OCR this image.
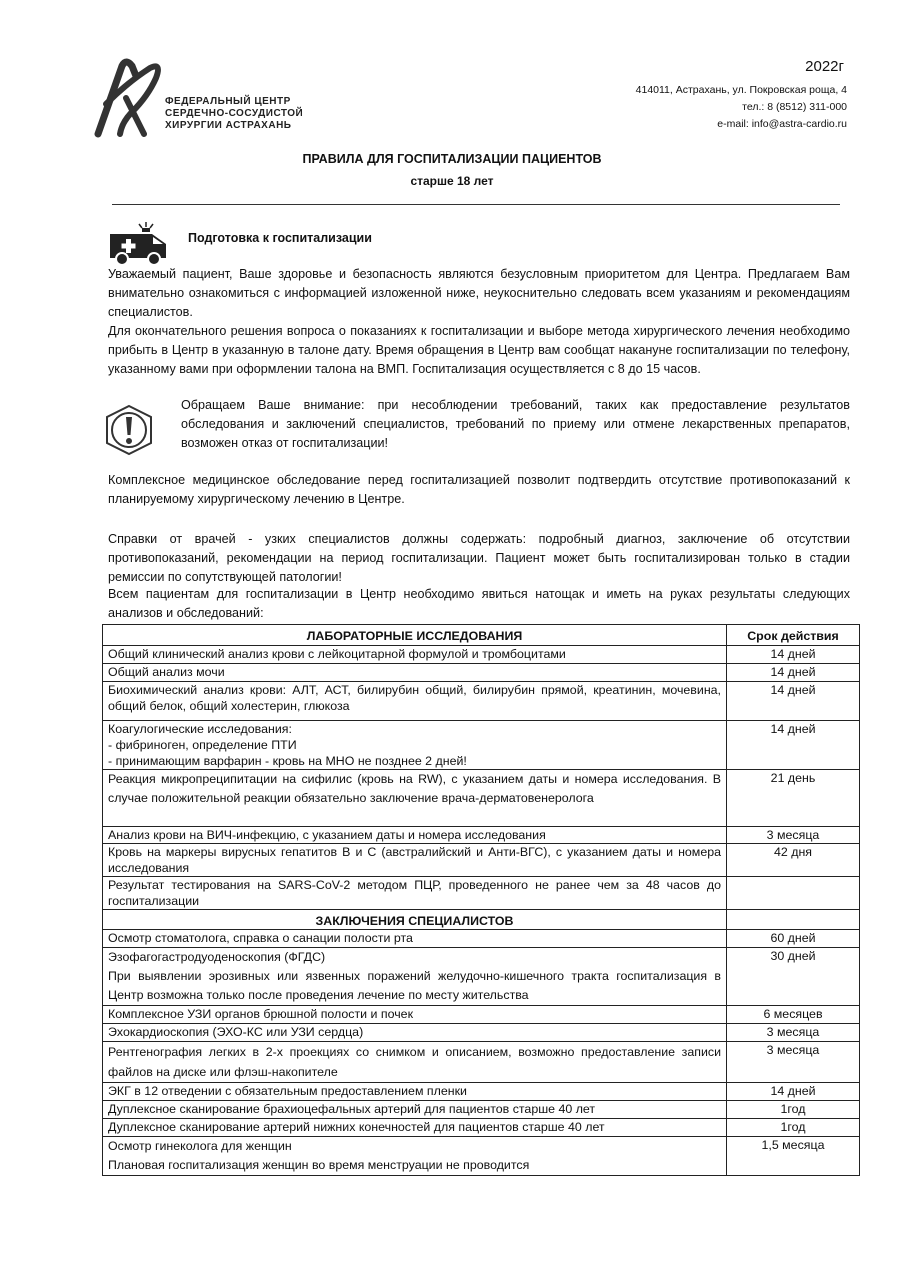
ФЕДЕРАЛЬНЫЙ ЦЕНТР
СЕРДЕЧНО-СОСУДИСТОЙ
ХИРУРГИИ АСТРАХАНЬ
2022г
414011, Астрахань, ул. Покровская роща, 4
тел.: 8 (8512) 311-000
e-mail: info@astra-cardio.ru
ПРАВИЛА ДЛЯ ГОСПИТАЛИЗАЦИИ ПАЦИЕНТОВ
старше 18 лет
Подготовка к госпитализации

Уважаемый пациент, Ваше здоровье и безопасность являются безусловным приоритетом для Центра. Предлагаем Вам внимательно ознакомиться с информацией изложенной ниже, неукоснительно следовать всем указаниям и рекомендациям специалистов.

Для окончательного решения вопроса о показаниях к госпитализации и выборе метода хирургического лечения необходимо прибыть в Центр в указанную в талоне дату. Время обращения в Центр вам сообщат накануне госпитализации по телефону, указанному вами при оформлении талона на ВМП. Госпитализация осуществляется с 8 до 15 часов.

Обращаем Ваше внимание: при несоблюдении требований, таких как предоставление результатов обследования и заключений специалистов, требований по приему или отмене лекарственных препаратов, возможен отказ от госпитализации!

Комплексное медицинское обследование перед госпитализацией позволит подтвердить отсутствие противопоказаний к планируемому хирургическому лечению в Центре.

Справки от врачей - узких специалистов должны содержать: подробный диагноз, заключение об отсутствии противопоказаний, рекомендации на период госпитализации. Пациент может быть госпитализирован только в стадии ремиссии по сопутствующей патологии!

Всем пациентам для госпитализации в Центр необходимо явиться натощак и иметь на руках результаты следующих анализов и обследований:

ЛАБОРАТОРНЫЕ ИССЛЕДОВАНИЯ	Срок действия
Общий клинический анализ крови с лейкоцитарной формулой и тромбоцитами	14 дней
Общий анализ мочи	14 дней
Биохимический анализ крови: АЛТ, АСТ, билирубин общий, билирубин прямой, креатинин, мочевина, общий белок, общий холестерин, глюкоза	14 дней

Коагулогические исследования:
- фибриноген, определение ПТИ
- принимающим варфарин - кровь на МНО не позднее 2 дней!	14 дней
Реакция микропреципитации на сифилис (кровь на RW), с указанием даты и номера исследования. В случае положительной реакции обязательно заключение врача-дерматовенеролога	21 день
Анализ крови на ВИЧ-инфекцию, с указанием даты и номера исследования	3 месяца
Кровь на маркеры вирусных гепатитов В и С (австралийский и Анти-ВГС), с указанием даты и номера исследования	42 дня
Результат тестирования на SARS-CoV-2 методом ПЦР, проведенного не ранее чем за 48 часов до госпитализации	
ЗАКЛЮЧЕНИЯ СПЕЦИАЛИСТОВ	
Осмотр стоматолога, справка о санации полости рта	60 дней

Эзофагогастродуоденоскопия (ФГДС)
При выявлении эрозивных или язвенных поражений желудочно-кишечного тракта госпитализация в Центр возможна только после проведения лечение по месту жительства	30 дней
Комплексное УЗИ органов брюшной полости и почек	6 месяцев
Эхокардиоскопия (ЭХО-КС или УЗИ сердца)	3 месяца
Рентгенография легких в 2-х проекциях со снимком и описанием, возможно предоставление записи файлов на диске или флэш-накопителе	3 месяца
ЭКГ в 12 отведении с обязательным предоставлением пленки	14 дней
Дуплексное сканирование брахиоцефальных артерий для пациентов старше 40 лет	1год
Дуплексное сканирование артерий нижних конечностей для пациентов старше 40 лет	1год

Осмотр гинеколога для женщин
Плановая госпитализация женщин во время менструации не проводится	1,5 месяца
